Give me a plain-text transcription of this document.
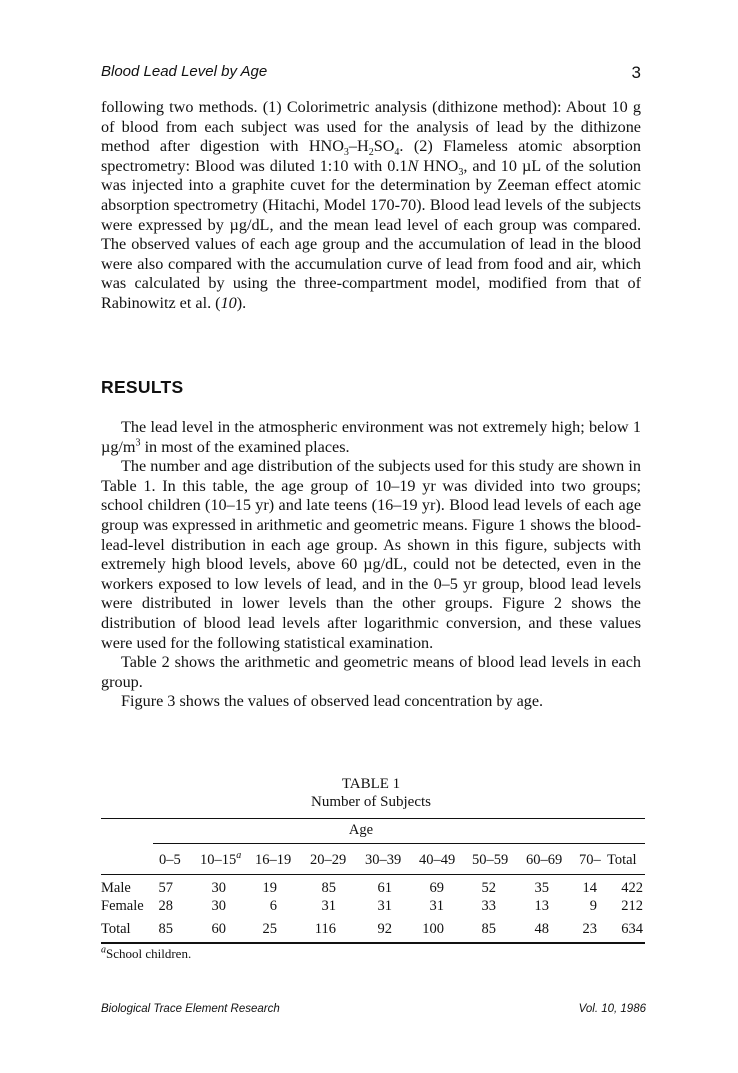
Blood Lead Level by Age	3

following two methods. (1) Colorimetric analysis (dithizone method): About 10 g of blood from each subject was used for the analysis of lead by the dithizone method after digestion with $HNO_3-H_2SO_4$. (2) Flameless atomic absorption spectrometry: Blood was diluted 1:10 with 0.1N $HNO_3$, and 10 µL of the solution was injected into a graphite cuvet for the determination by Zeeman effect atomic absorption spectrometry (Hitachi, Model 170-70). Blood lead levels of the subjects were expressed by µg/dL, and the mean lead level of each group was compared. The observed values of each age group and the accumulation of lead in the blood were also compared with the accumulation curve of lead from food and air, which was calculated by using the three-compartment model, modified from that of Rabinowitz et al. (10).

RESULTS

The lead level in the atmospheric environment was not extremely high; below 1 $\mu g/m^3$ in most of the examined places.

The number and age distribution of the subjects used for this study are shown in Table 1. In this table, the age group of 10–19 yr was divided into two groups; school children (10–15 yr) and late teens (16–19 yr). Blood lead levels of each age group was expressed in arithmetic and geometric means. Figure 1 shows the blood-lead-level distribution in each age group. As shown in this figure, subjects with extremely high blood levels, above 60 µg/dL, could not be detected, even in the workers exposed to low levels of lead, and in the 0–5 yr group, blood lead levels were distributed in lower levels than the other groups. Figure 2 shows the distribution of blood lead levels after logarithmic conversion, and these values were used for the following statistical examination.

Table 2 shows the arithmetic and geometric means of blood lead levels in each group.

Figure 3 shows the values of observed lead concentration by age.

TABLE 1
Number of Subjects
Age
0–5 10–15$^a$ 16–19 20–29 30–39 40–49 50–59 60–69 70– Total
Male 57	30	19	85	61	69	52	35 14 422
Female 28	30	6	31	31	31	33	13	9 212
Total 85	60	25	116	92 100	85	48 23 634
$^a$School children.
Biological Trace Element Research	Vol. 10, 1986
